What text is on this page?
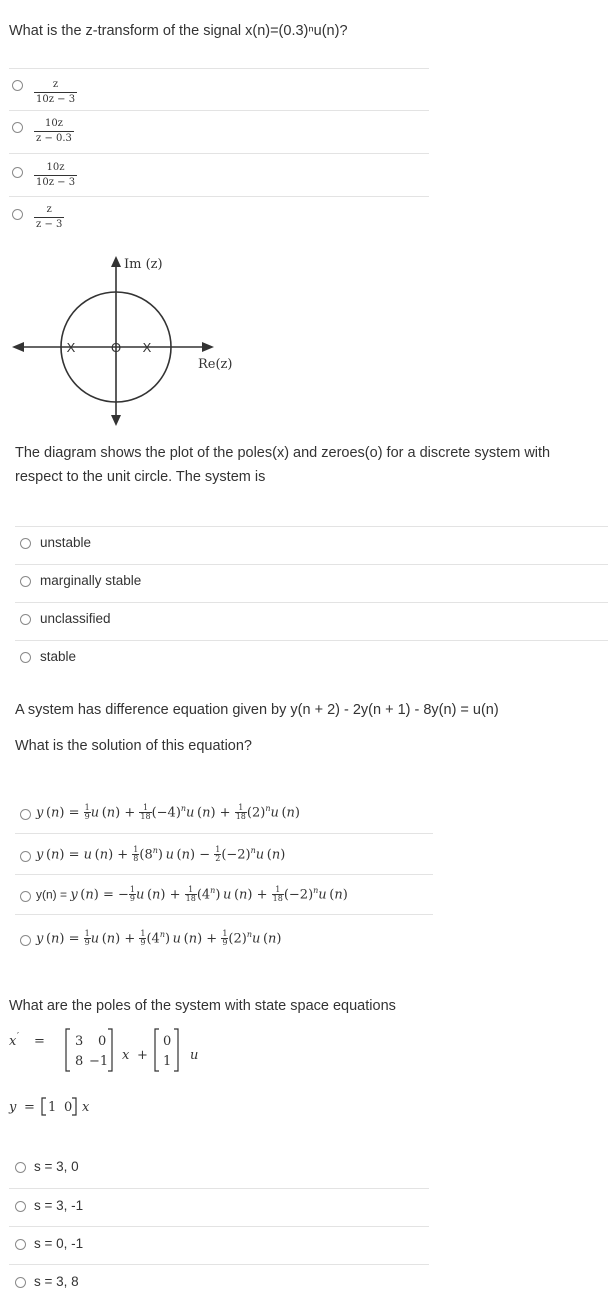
What is the z-transform of the signal x(n)=(0.3)ⁿu(n)?
$\frac{z}{10z - 3}$
$\frac{10z}{z - 0.3}$
$\frac{10z}{10z - 3}$
$\frac{z}{z - 3}$
X	O X
Im (z)
Re(z)
The diagram shows the plot of the poles(x) and zeroes(o) for a discrete system with
respect to the unit circle. The system is
unstable
marginally stable
unclassified
stable
A system has difference equation given by y(n + 2) - 2y(n + 1) - 8y(n) = u(n)
What is the solution of this equation?
y $(n) = \frac{1}{9}$ u $(n) + \frac{1}{18} (-4)^nu$ $(n) + \frac{1}{18} (2)^nu$ (n)
y (n) = u $(n) + \frac{1}{8} (8^n)$ u $(n) - \frac{1}{2} (-2)^nu$ (n)
y(n) = y (n) = − $\frac{1}{9}$ u $(n) + \frac{1}{18} (4^n)$ u $(n) + \frac{1}{18} (-2)^nu$ (n)
y $(n) = \frac{1}{9}$ u $(n) + \frac{1}{9} (4^n)$ u $(n) + \frac{1}{9} (2)^nu$ (n)
What are the poles of the system with state space equations
x ′ = 3 0
8 −1 x +
0
1 u
y = 1 0 x
s = 3, 0
s = 3, -1
s = 0, -1
s = 3, 8
